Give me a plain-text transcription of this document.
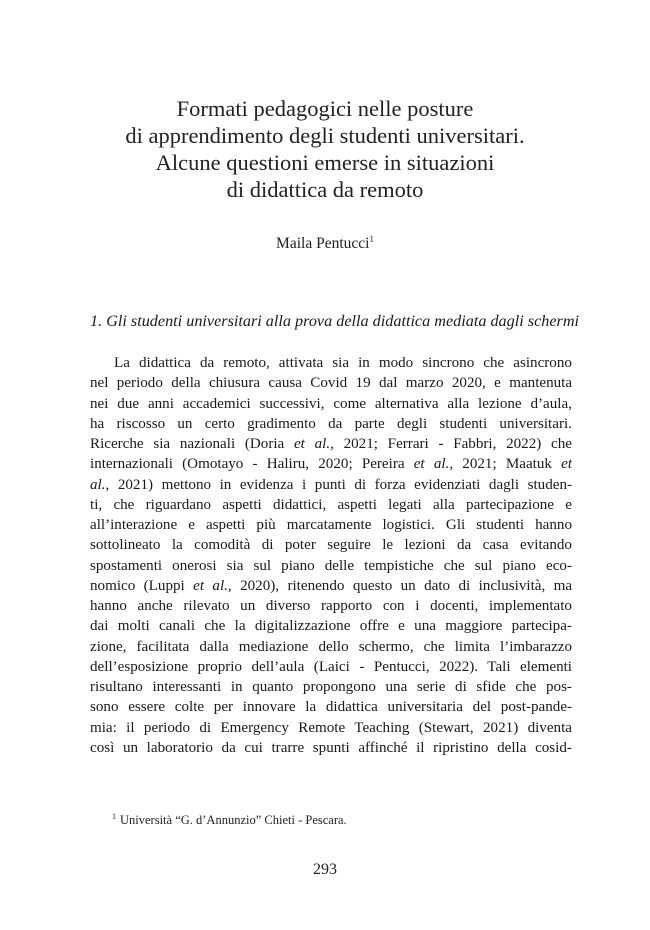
Formati pedagogici nelle posture
di apprendimento degli studenti universitari.
Alcune questioni emerse in situazioni
di didattica da remoto
Maila Pentucci$^1$
1. Gli studenti universitari alla prova della didattica mediata dagli schermi
La didattica da remoto, attivata sia in modo sincrono che asincrono
nel periodo della chiusura causa Covid 19 dal marzo 2020, e mantenuta
nei due anni accademici successivi, come alternativa alla lezione d’aula,
ha riscosso un certo gradimento da parte degli studenti universitari.
Ricerche sia nazionali (Doria et al., 2021; Ferrari - Fabbri, 2022) che
internazionali (Omotayo - Haliru, 2020; Pereira et al., 2021; Maatuk et
al., 2021) mettono in evidenza i punti di forza evidenziati dagli studen-
ti, che riguardano aspetti didattici, aspetti legati alla partecipazione e
all’interazione e aspetti più marcatamente logistici. Gli studenti hanno
sottolineato la comodità di poter seguire le lezioni da casa evitando
spostamenti onerosi sia sul piano delle tempistiche che sul piano eco-
nomico (Luppi et al., 2020), ritenendo questo un dato di inclusività, ma
hanno anche rilevato un diverso rapporto con i docenti, implementato
dai molti canali che la digitalizzazione offre e una maggiore partecipa-
zione, facilitata dalla mediazione dello schermo, che limita l’imbarazzo
dell’esposizione proprio dell’aula (Laici - Pentucci, 2022). Tali elementi
risultano interessanti in quanto propongono una serie di sfide che pos-
sono essere colte per innovare la didattica universitaria del post-pande-
mia: il periodo di Emergency Remote Teaching (Stewart, 2021) diventa
così un laboratorio da cui trarre spunti affinché il ripristino della cosid-
$^1$ Università “G. d’Annunzio” Chieti - Pescara.
293
